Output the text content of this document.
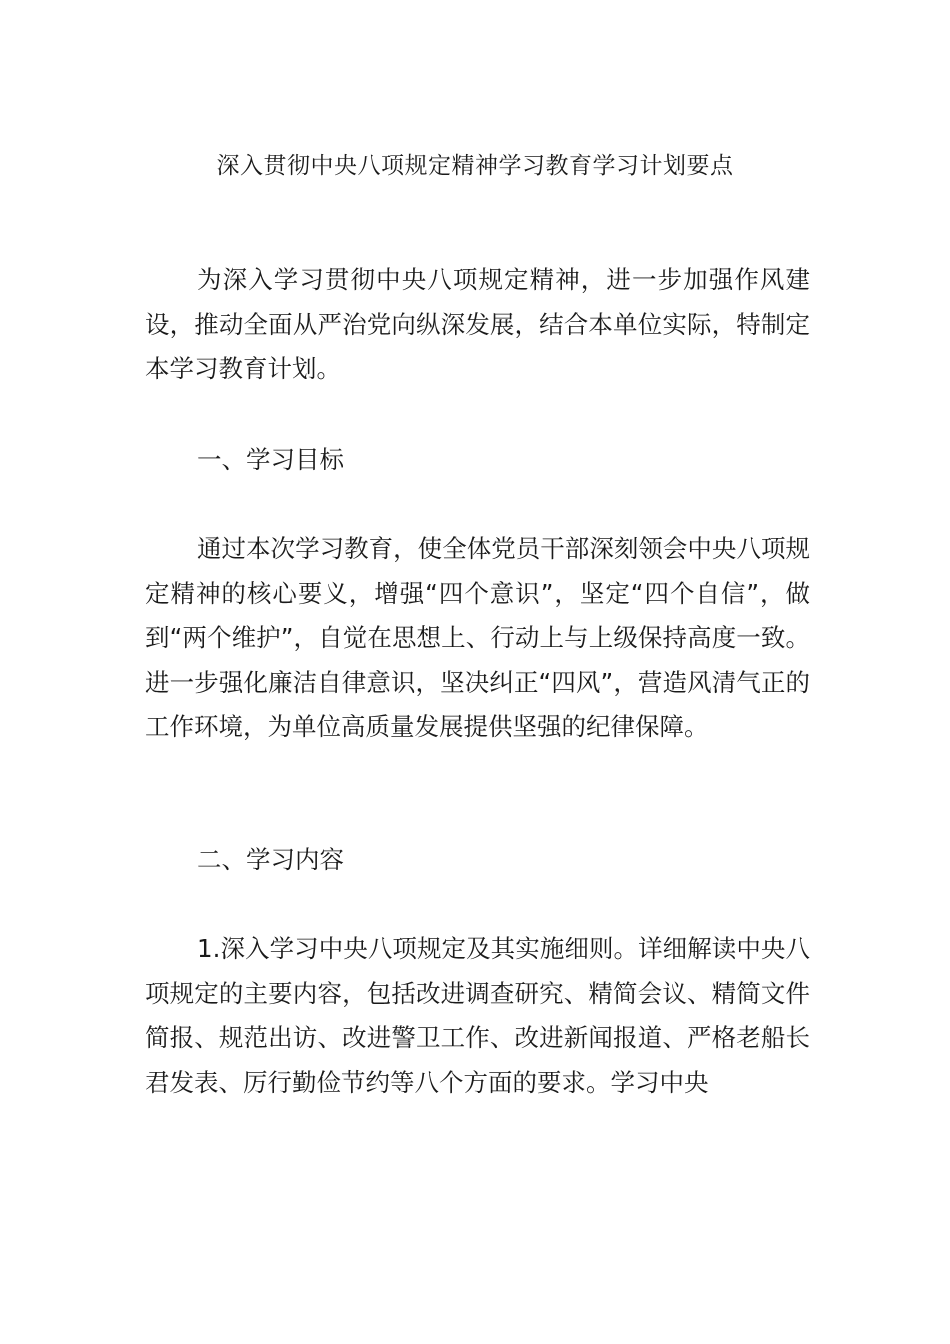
深入贯彻中央八项规定精神学习教育学习计划要点

为深入学习贯彻中央八项规定精神，进一步加强作风建设，推动全面从严治党向纵深发展，结合本单位实际，特制定本学习教育计划。

一、学习目标

通过本次学习教育，使全体党员干部深刻领会中央八项规定精神的核心要义，增强“四个意识”，坚定“四个自信”，做到“两个维护”，自觉在思想上、行动上与上级保持高度一致。进一步强化廉洁自律意识，坚决纠正“四风”，营造风清气正的工作环境，为单位高质量发展提供坚强的纪律保障。

二、学习内容

1.深入学习中央八项规定及其实施细则。详细解读中央八项规定的主要内容，包括改进调查研究、精简会议、精简文件简报、规范出访、改进警卫工作、改进新闻报道、严格老船长君发表、厉行勤俭节约等八个方面的要求。学习中央
